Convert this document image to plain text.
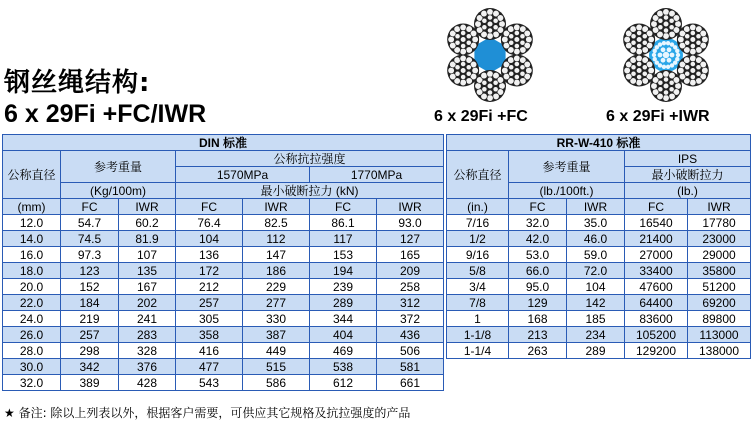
钢丝绳结构:
6 x 29Fi +FC/IWR	6 x 29Fi +FC	6 x 29Fi +IWR
DIN 标准						
公称直径	参考重量		公称抗拉强度			
			1570MPa		1770MPa	
	(Kg/100m)		最小破断拉力 (kN)			
(mm)	FC	IWR	FC	IWR	FC	IWR
12.0	54.7	60.2	76.4	82.5	86.1	93.0
14.0	74.5	81.9	104	112	117	127
16.0	97.3	107	136	147	153	165
18.0	123	135	172	186	194	209
20.0	152	167	212	229	239	258
22.0	184	202	257	277	289	312
24.0	219	241	305	330	344	372
26.0	257	283	358	387	404	436
28.0	298	328	416	449	469	506
30.0	342	376	477	515	538	581
32.0	389	428	543	586	612	661
RR-W-410 标准				
公称直径	参考重量		IPS	
			最小破断拉力	
	(lb./100ft.)		(lb.)	
(in.)	FC	IWR	FC	IWR
7/16	32.0	35.0	16540	17780
1/2	42.0	46.0	21400	23000
9/16	53.0	59.0	27000	29000
5/8	66.0	72.0	33400	35800
3/4	95.0	104	47600	51200
7/8	129	142	64400	69200
1	168	185	83600	89800
1-1/8	213	234	105200	113000
1-1/4	263	289	129200	138000
★ 备注: 除以上列表以外，根据客户需要，可供应其它规格及抗拉强度的产品
